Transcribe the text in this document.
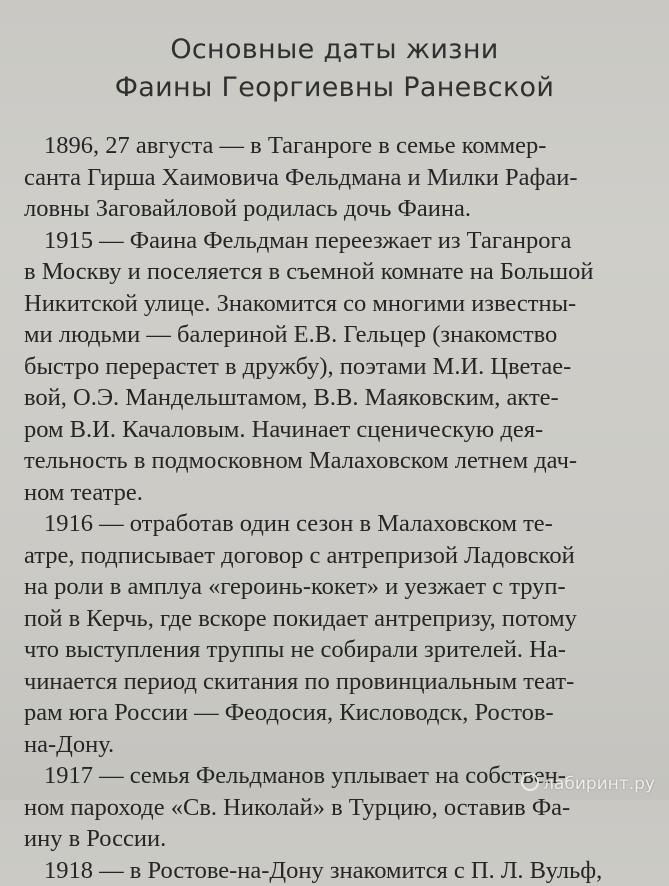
Основные даты жизни
Фаины Георгиевны Раневской
1896, 27 августа — в Таганроге в семье коммер-
санта Гирша Хаимовича Фельдмана и Милки Рафаи-
ловны Заговайловой родилась дочь Фаина.
1915 — Фаина Фельдман переезжает из Таганрога
в Москву и поселяется в съемной комнате на Большой
Никитской улице. Знакомится со многими известны-
ми людьми — балериной Е.В. Гельцер (знакомство
быстро перерастет в дружбу), поэтами М.И. Цветае-
вой, О.Э. Мандельштамом, В.В. Маяковским, акте-
ром В.И. Качаловым. Начинает сценическую дея-
тельность в подмосковном Малаховском летнем дач-
ном театре.
1916 — отработав один сезон в Малаховском те-
атре, подписывает договор с антрепризой Ладовской
на роли в амплуа «героинь-кокет» и уезжает с труп-
пой в Керчь, где вскоре покидает антрепризу, потому
что выступления труппы не собирали зрителей. На-
чинается период скитания по провинциальным теат-
рам юга России — Феодосия, Кисловодск, Ростов-
на-Дону.
1917 — семья Фельдманов уплывает на собствен-
ном пароходе «Св. Николай» в Турцию, оставив Фа-
ину в России.
1918 — в Ростове-на-Дону знакомится с П. Л. Вульф,
лабиринт.ру
